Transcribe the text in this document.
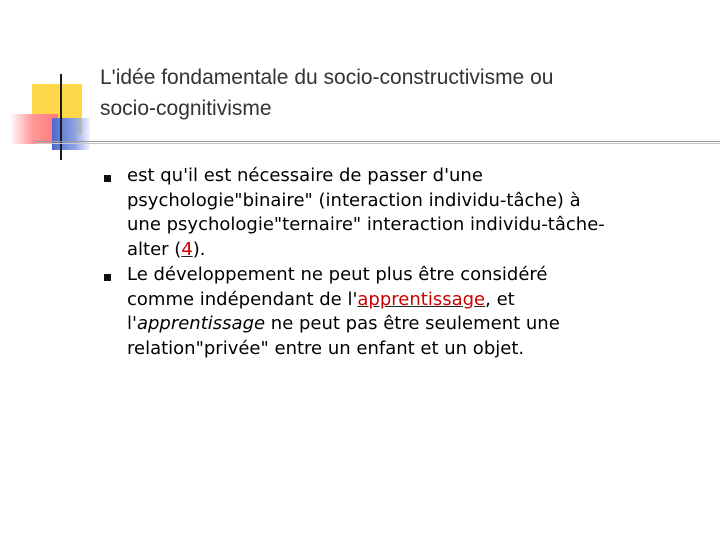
L'idée fondamentale du socio-constructivisme ou
socio-cognitivisme
est qu'il est nécessaire de passer d'une
psychologie"binaire" (interaction individu-tâche) à
une psychologie"ternaire" interaction individu-tâche-
alter (4).
Le développement ne peut plus être considéré
comme indépendant de l'apprentissage, et
l'apprentissage ne peut pas être seulement une
relation"privée" entre un enfant et un objet.
